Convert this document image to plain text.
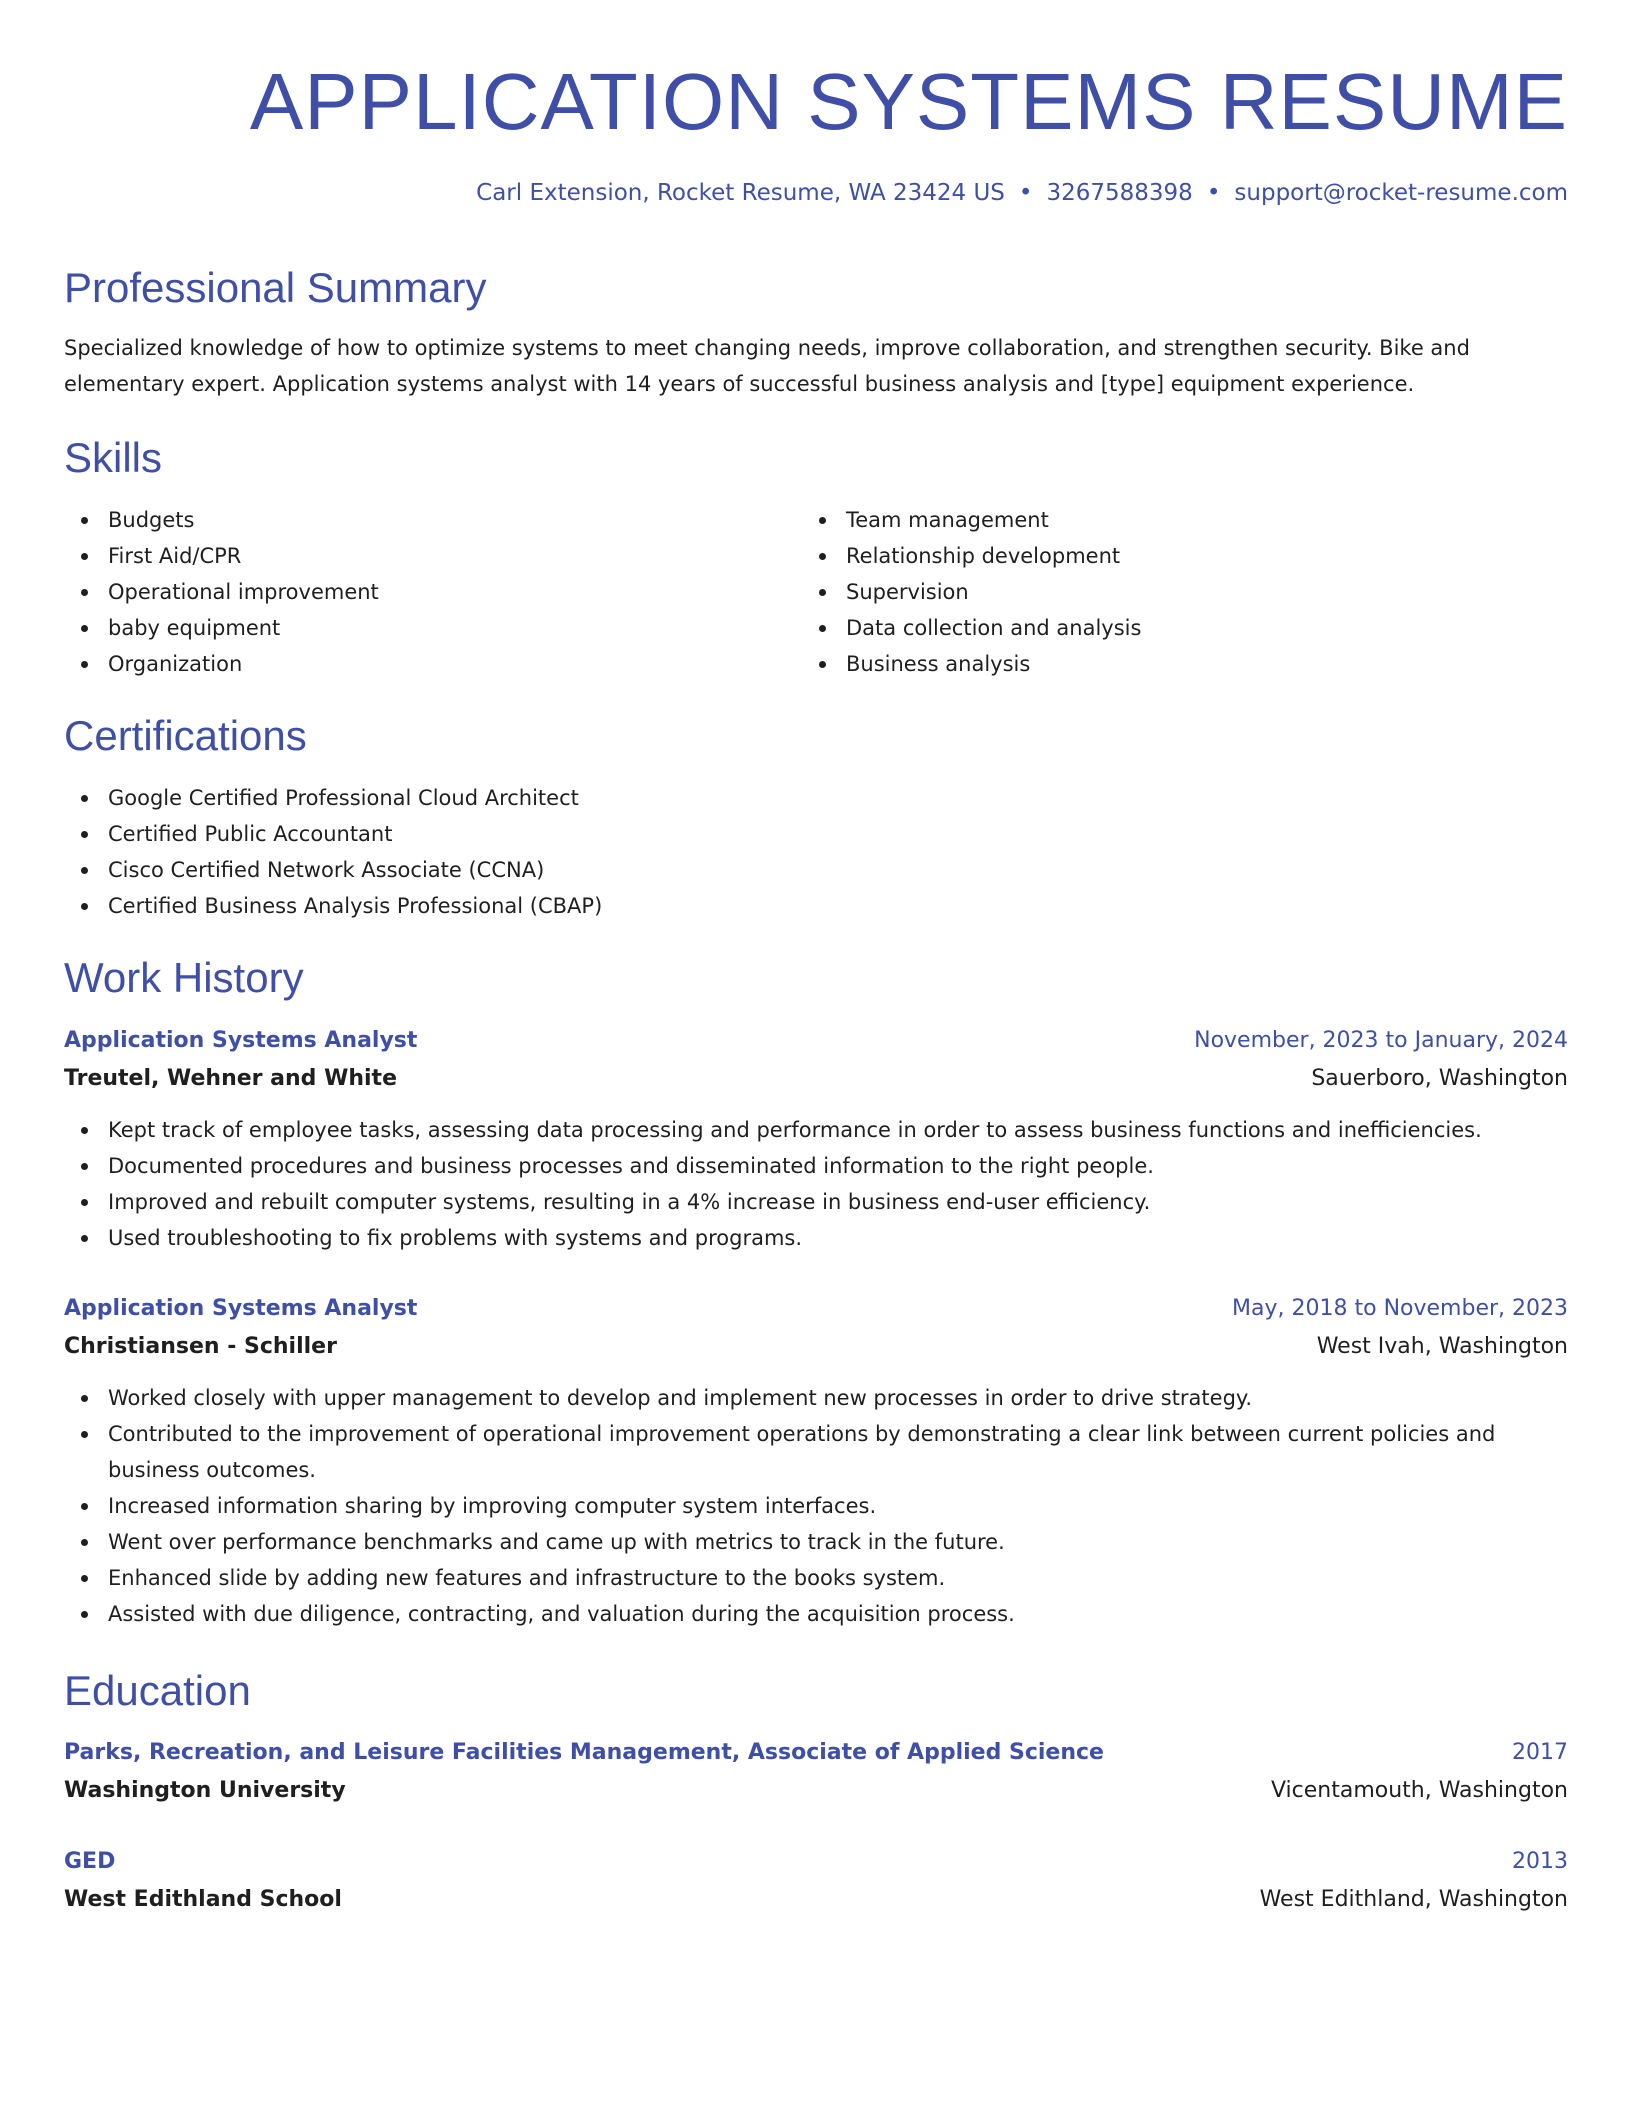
APPLICATION SYSTEMS RESUME
Carl Extension, Rocket Resume, WA 23424 US • 3267588398 • support@rocket-resume.com
Professional Summary

Specialized knowledge of how to optimize systems to meet changing needs, improve collaboration, and strengthen security. Bike and elementary expert. Application systems analyst with 14 years of successful business analysis and [type] equipment experience.

Skills
Budgets
First Aid/CPR
Operational improvement
baby equipment
Organization
Team management
Relationship development
Supervision
Data collection and analysis
Business analysis
Certifications
Google Certified Professional Cloud Architect
Certified Public Accountant
Cisco Certified Network Associate (CCNA)
Certified Business Analysis Professional (CBAP)
Work History
Application Systems Analyst	November, 2023 to January, 2024
Treutel, Wehner and White	Sauerboro, Washington
Kept track of employee tasks, assessing data processing and performance in order to assess business functions and inefficiencies.
Documented procedures and business processes and disseminated information to the right people.
Improved and rebuilt computer systems, resulting in a 4% increase in business end-user efficiency.
Used troubleshooting to fix problems with systems and programs.
Application Systems Analyst	May, 2018 to November, 2023
Christiansen - Schiller	West Ivah, Washington
Worked closely with upper management to develop and implement new processes in order to drive strategy.
Contributed to the improvement of operational improvement operations by demonstrating a clear link between current policies and business outcomes.
Increased information sharing by improving computer system interfaces.
Went over performance benchmarks and came up with metrics to track in the future.
Enhanced slide by adding new features and infrastructure to the books system.
Assisted with due diligence, contracting, and valuation during the acquisition process.
Education
Parks, Recreation, and Leisure Facilities Management, Associate of Applied Science	2017
Washington University	Vicentamouth, Washington
GED	2013
West Edithland School	West Edithland, Washington
